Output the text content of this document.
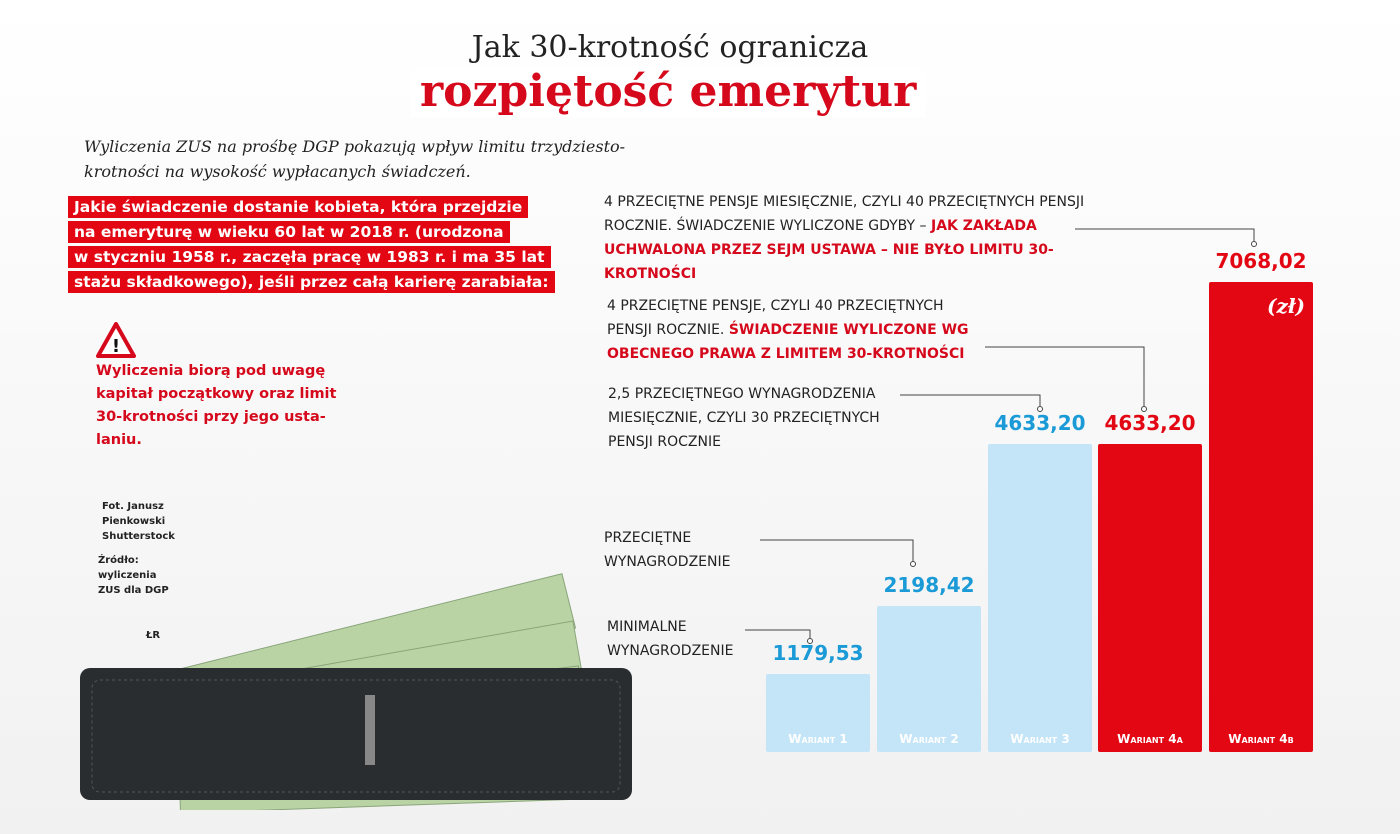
Jak 30-krotność ogranicza
rozpiętość emerytur
Wyliczenia ZUS na prośbę DGP pokazują wpływ limitu trzydziesto-krotności na wysokość wypłacanych świadczeń.
Jakie świadczenie dostanie kobieta, która przejdzie
na emeryturę w wieku 60 lat w 2018 r. (urodzona
w styczniu 1958 r., zaczęła pracę w 1983 r. i ma 35 lat
stażu składkowego), jeśli przez całą karierę zarabiała:
!
Wyliczenia biorą pod uwagę kapitał początkowy oraz limit 30-krotności przy jego usta-laniu.
Fot. Janusz
Pienkowski
Shutterstock
Źródło:
wyliczenia
ZUS dla DGP
ŁR
MINIMALNE WYNAGRODZENIE
PRZECIĘTNE WYNAGRODZENIE
2,5 PRZECIĘTNEGO WYNAGRODZENIA MIESIĘCZNIE, CZYLI 30 PRZECIĘTNYCH PENSJI ROCZNIE
4 PRZECIĘTNE PENSJE, CZYLI 40 PRZECIĘTNYCH PENSJI ROCZNIE. ŚWIADCZENIE WYLICZONE WG OBECNEGO PRAWA Z LIMITEM 30-KROTNOŚCI
4 PRZECIĘTNE PENSJE MIESIĘCZNIE, CZYLI 40 PRZECIĘTNYCH PENSJI ROCZNIE. ŚWIADCZENIE WYLICZONE GDYBY – JAK ZAKŁADA UCHWALONA PRZEZ SEJM USTAWA – NIE BYŁO LIMITU 30-KROTNOŚCI
Wariant 1
1179,53
Wariant 2
2198,42
Wariant 3
4633,20
Wariant 4a
4633,20
Wariant 4b
(zł)
7068,02
